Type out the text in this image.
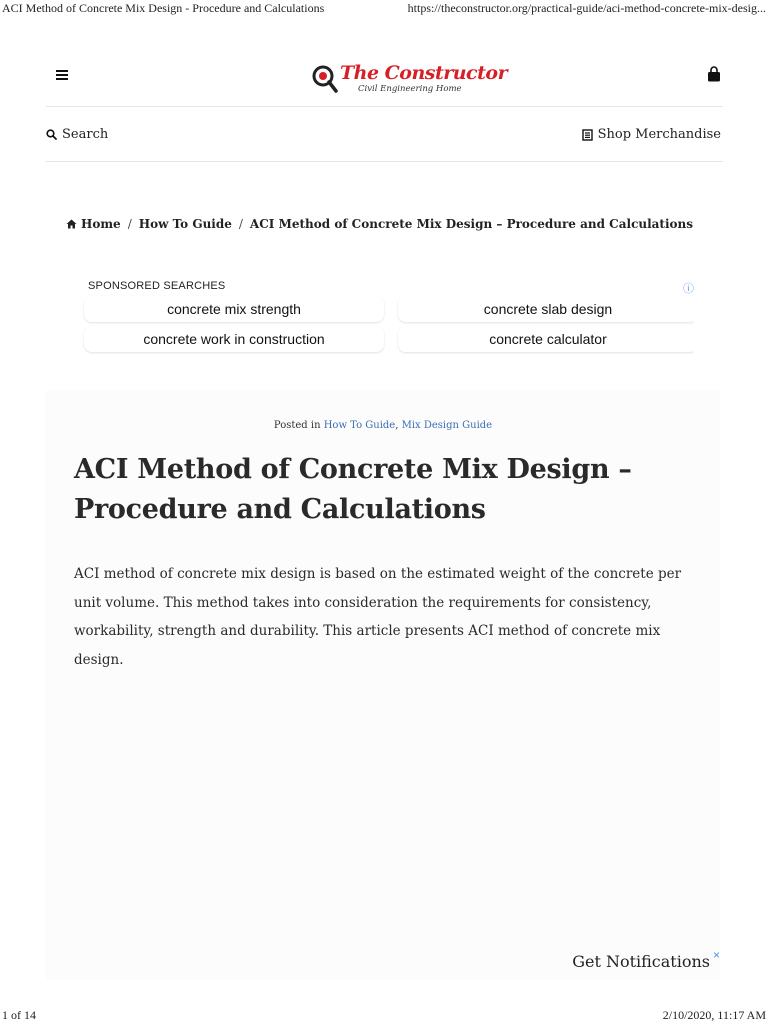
ACI Method of Concrete Mix Design - Procedure and Calculations	https://theconstructor.org/practical-guide/aci-method-concrete-mix-desig...
The Constructor
Civil Engineering Home
Search	Shop Merchandise
Home / How To Guide / ACI Method of Concrete Mix Design – Procedure and Calculations
SPONSORED SEARCHES	ⓘ
concrete mix strength	concrete slab design
concrete work in construction	concrete calculator
Posted in How To Guide, Mix Design Guide
ACI Method of Concrete Mix Design – Procedure and Calculations

ACI method of concrete mix design is based on the estimated weight of the concrete per unit volume. This method takes into consideration the requirements for consistency, workability, strength and durability. This article presents ACI method of concrete mix design.

Get Notifications ×
1 of 14	2/10/2020, 11:17 AM
